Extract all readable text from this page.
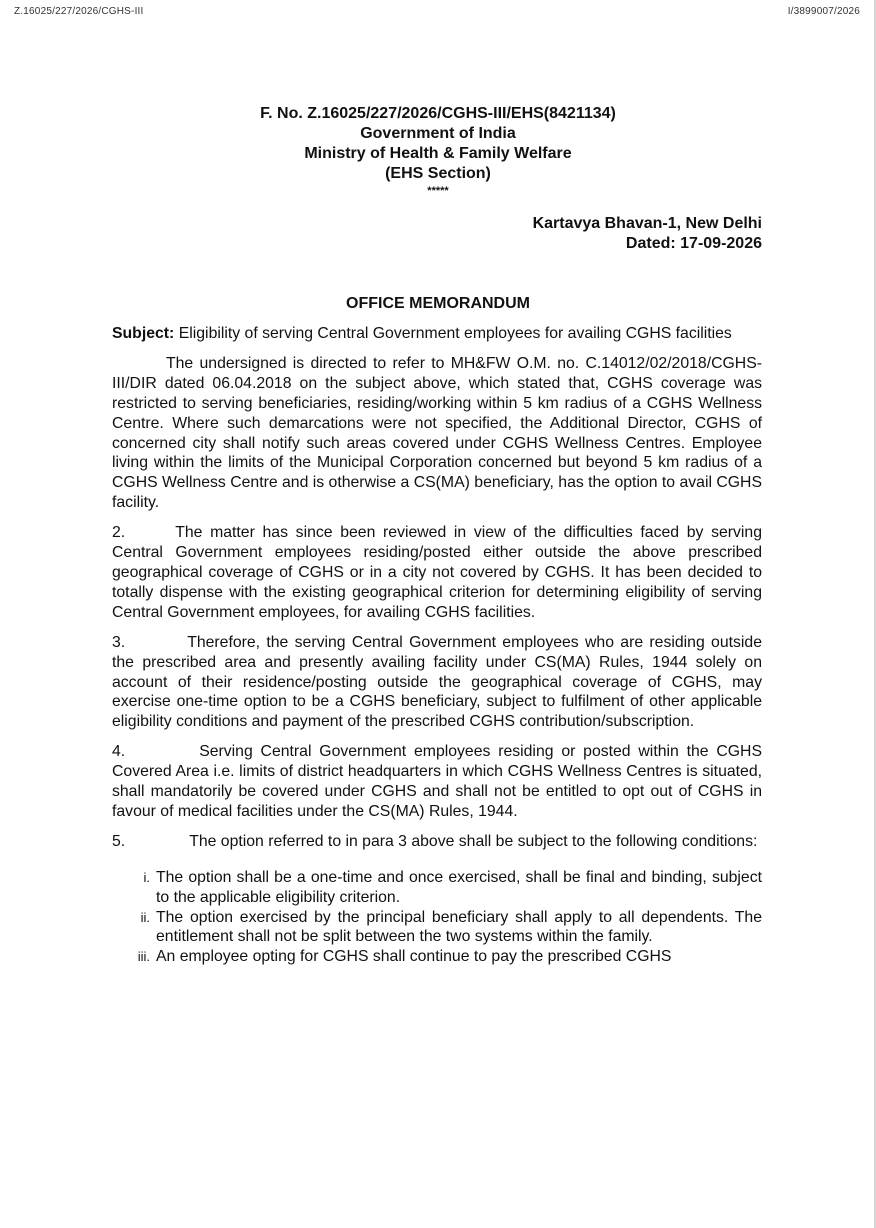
Z.16025/227/2026/CGHS-III	I/3899007/2026
F. No. Z.16025/227/2026/CGHS-III/EHS(8421134)
Government of India
Ministry of Health & Family Welfare
(EHS Section)
*****
Kartavya Bhavan-1, New Delhi
Dated: 17-09-2026
OFFICE MEMORANDUM

Subject: Eligibility of serving Central Government employees for availing CGHS facilities

The undersigned is directed to refer to MH&FW O.M. no. C.14012/02/2018/CGHS-III/DIR dated 06.04.2018 on the subject above, which stated that, CGHS coverage was restricted to serving beneficiaries, residing/working within 5 km radius of a CGHS Wellness Centre. Where such demarcations were not specified, the Additional Director, CGHS of concerned city shall notify such areas covered under CGHS Wellness Centres. Employee living within the limits of the Municipal Corporation concerned but beyond 5 km radius of a CGHS Wellness Centre and is otherwise a CS(MA) beneficiary, has the option to avail CGHS facility.

2.	The matter has since been reviewed in view of the difficulties faced by serving Central Government employees residing/posted either outside the above prescribed geographical coverage of CGHS or in a city not covered by CGHS. It has been decided to totally dispense with the existing geographical criterion for determining eligibility of serving Central Government employees, for availing CGHS facilities.

3.	Therefore, the serving Central Government employees who are residing outside the prescribed area and presently availing facility under CS(MA) Rules, 1944 solely on account of their residence/posting outside the geographical coverage of CGHS, may exercise one-time option to be a CGHS beneficiary, subject to fulfilment of other applicable eligibility conditions and payment of the prescribed CGHS contribution/subscription.

4.	Serving Central Government employees residing or posted within the CGHS Covered Area i.e. limits of district headquarters in which CGHS Wellness Centres is situated, shall mandatorily be covered under CGHS and shall not be entitled to opt out of CGHS in favour of medical facilities under the CS(MA) Rules, 1944.

5.	The option referred to in para 3 above shall be subject to the following conditions:

i. The option shall be a one-time and once exercised, shall be final and binding, subject to the applicable eligibility criterion.
ii. The option exercised by the principal beneficiary shall apply to all dependents. The entitlement shall not be split between the two systems within the family.
iii. An employee opting for CGHS shall continue to pay the prescribed CGHS
